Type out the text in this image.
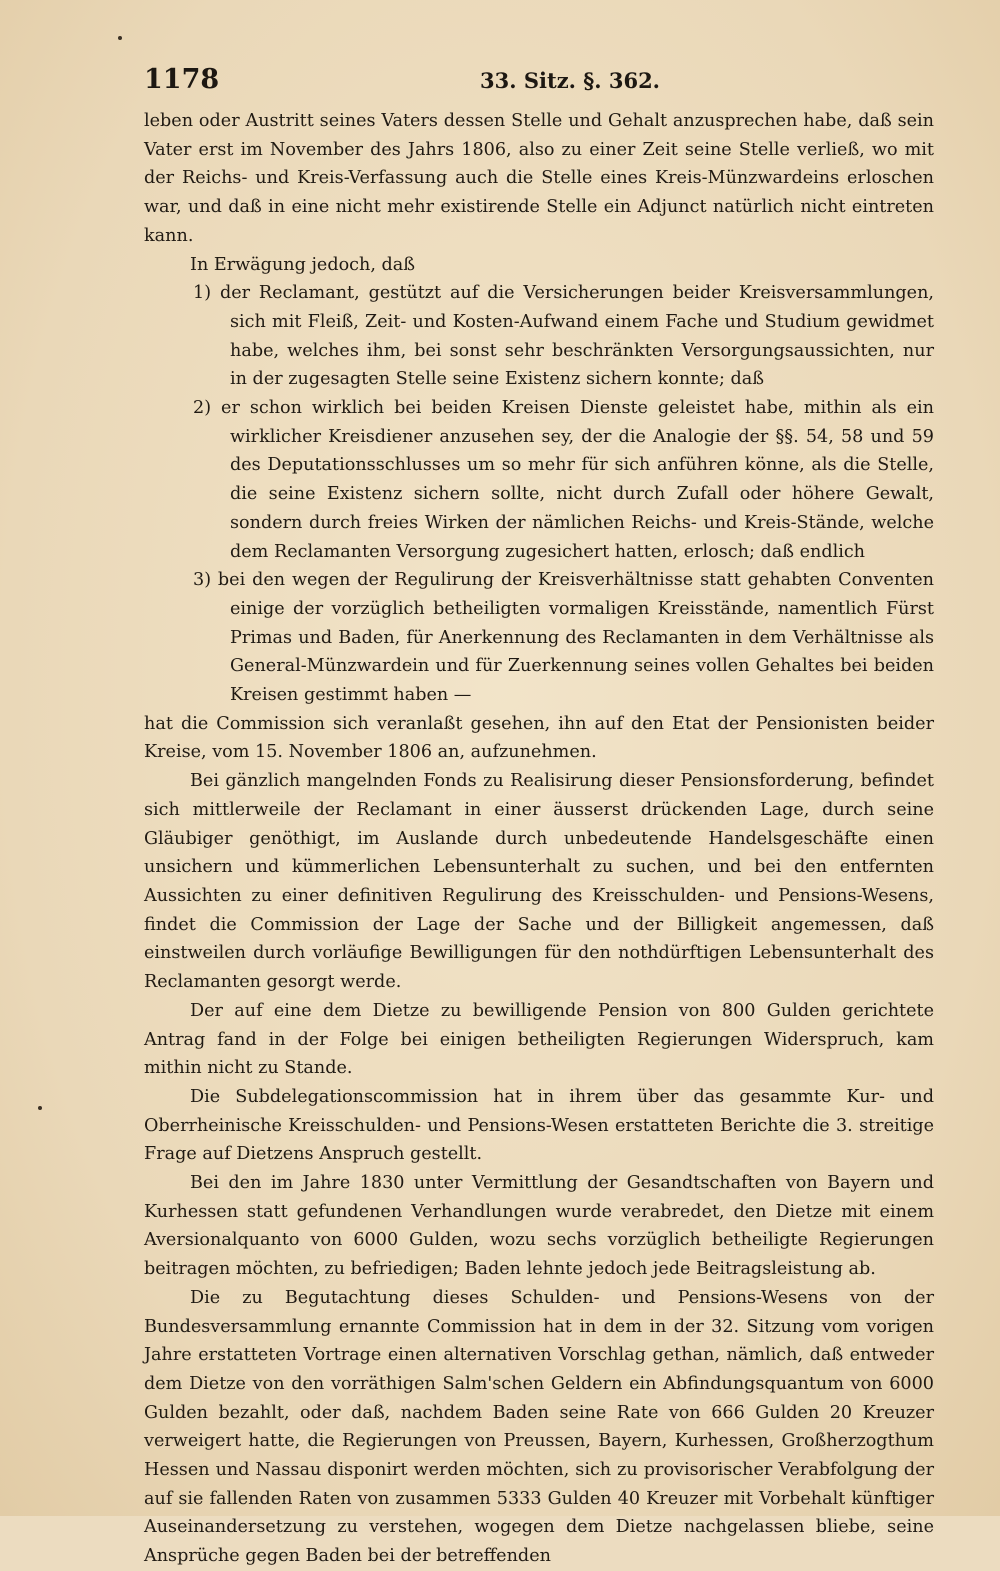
1178	33. Sitz. §. 362.

leben oder Austritt seines Vaters dessen Stelle und Gehalt anzusprechen habe, daß sein Vater erst im November des Jahrs 1806, also zu einer Zeit seine Stelle verließ, wo mit der Reichs- und Kreis-Verfassung auch die Stelle eines Kreis-Münzwardeins erloschen war, und daß in eine nicht mehr existirende Stelle ein Adjunct natürlich nicht eintreten kann.

In Erwägung jedoch, daß

1) der Reclamant, gestützt auf die Versicherungen beider Kreisversammlungen, sich mit Fleiß, Zeit- und Kosten-Aufwand einem Fache und Studium gewidmet habe, welches ihm, bei sonst sehr beschränkten Versorgungsaussichten, nur in der zugesagten Stelle seine Existenz sichern konnte; daß

2) er schon wirklich bei beiden Kreisen Dienste geleistet habe, mithin als ein wirklicher Kreisdiener anzusehen sey, der die Analogie der §§. 54, 58 und 59 des Deputationsschlusses um so mehr für sich anführen könne, als die Stelle, die seine Existenz sichern sollte, nicht durch Zufall oder höhere Gewalt, sondern durch freies Wirken der nämlichen Reichs- und Kreis-Stände, welche dem Reclamanten Versorgung zugesichert hatten, erlosch; daß endlich

3) bei den wegen der Regulirung der Kreisverhältnisse statt gehabten Conventen einige der vorzüglich betheiligten vormaligen Kreisstände, namentlich Fürst Primas und Baden, für Anerkennung des Reclamanten in dem Verhältnisse als General-Münzwardein und für Zuerkennung seines vollen Gehaltes bei beiden Kreisen gestimmt haben —

hat die Commission sich veranlaßt gesehen, ihn auf den Etat der Pensionisten beider Kreise, vom 15. November 1806 an, aufzunehmen.

Bei gänzlich mangelnden Fonds zu Realisirung dieser Pensionsforderung, befindet sich mittlerweile der Reclamant in einer äusserst drückenden Lage, durch seine Gläubiger genöthigt, im Auslande durch unbedeutende Handelsgeschäfte einen unsichern und kümmerlichen Lebensunterhalt zu suchen, und bei den entfernten Aussichten zu einer definitiven Regulirung des Kreisschulden- und Pensions-Wesens, findet die Commission der Lage der Sache und der Billigkeit angemessen, daß einstweilen durch vorläufige Bewilligungen für den nothdürftigen Lebensunterhalt des Reclamanten gesorgt werde.

Der auf eine dem Dietze zu bewilligende Pension von 800 Gulden gerichtete Antrag fand in der Folge bei einigen betheiligten Regierungen Widerspruch, kam mithin nicht zu Stande.

Die Subdelegationscommission hat in ihrem über das gesammte Kur- und Oberrheinische Kreisschulden- und Pensions-Wesen erstatteten Berichte die 3. streitige Frage auf Dietzens Anspruch gestellt.

Bei den im Jahre 1830 unter Vermittlung der Gesandtschaften von Bayern und Kurhessen statt gefundenen Verhandlungen wurde verabredet, den Dietze mit einem Aversionalquanto von 6000 Gulden, wozu sechs vorzüglich betheiligte Regierungen beitragen möchten, zu befriedigen; Baden lehnte jedoch jede Beitragsleistung ab.

Die zu Begutachtung dieses Schulden- und Pensions-Wesens von der Bundesversammlung ernannte Commission hat in dem in der 32. Sitzung vom vorigen Jahre erstatteten Vortrage einen alternativen Vorschlag gethan, nämlich, daß entweder dem Dietze von den vorräthigen Salm'schen Geldern ein Abfindungsquantum von 6000 Gulden bezahlt, oder daß, nachdem Baden seine Rate von 666 Gulden 20 Kreuzer verweigert hatte, die Regierungen von Preussen, Bayern, Kurhessen, Großherzogthum Hessen und Nassau disponirt werden möchten, sich zu provisorischer Verabfolgung der auf sie fallenden Raten von zusammen 5333 Gulden 40 Kreuzer mit Vorbehalt künftiger Auseinandersetzung zu verstehen, wogegen dem Dietze nachgelassen bliebe, seine Ansprüche gegen Baden bei der betreffenden
